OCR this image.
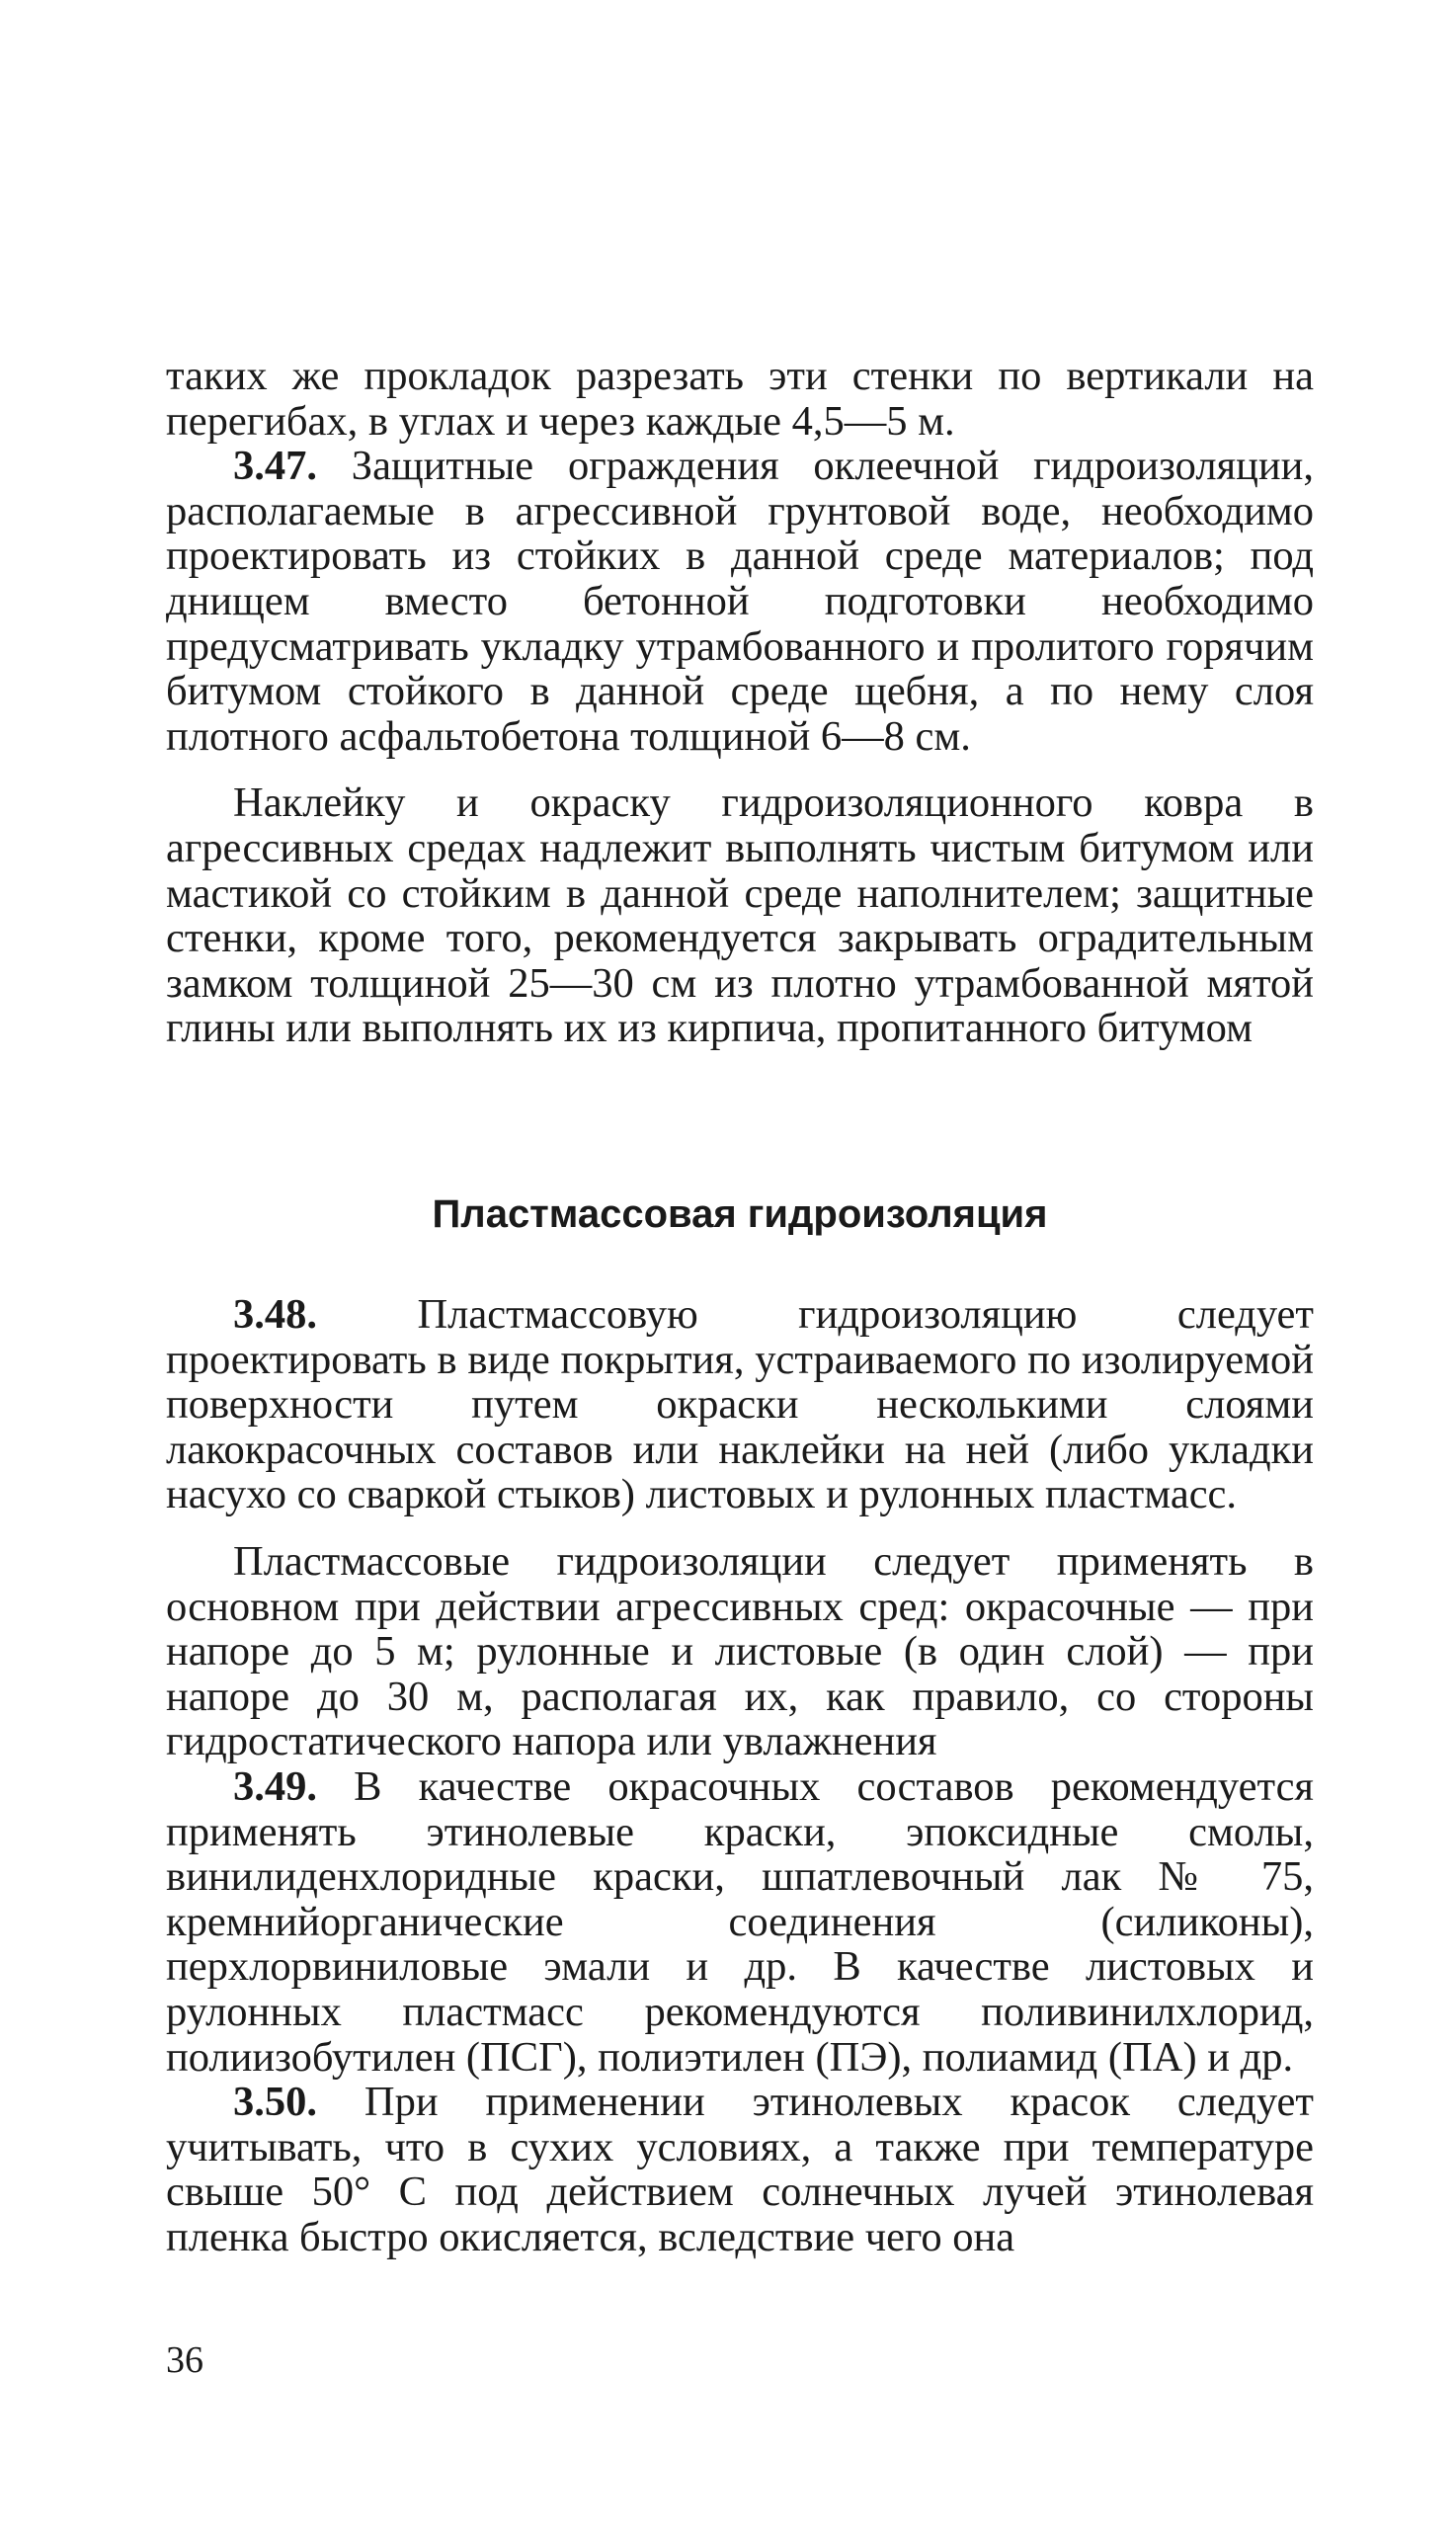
таких же прокладок разрезать эти стенки по вертикали на перегибах, в углах и через каждые 4,5—5 м.

3.47. Защитные ограждения оклеечной гидроизоляции, располагаемые в агрессивной грунтовой воде, необходимо проектировать из стойких в данной среде материалов; под днищем вместо бетонной подготовки необходимо предусматривать укладку утрамбованного и пролитого горячим битумом стойкого в данной среде щебня, а по нему слоя плотного асфальтобетона толщиной 6—8 см.

Наклейку и окраску гидроизоляционного ковра в агрессивных средах надлежит выполнять чистым битумом или мастикой со стойким в данной среде наполнителем; защитные стенки, кроме того, рекомендуется закрывать оградительным замком толщиной 25—30 см из плотно утрамбованной мятой глины или выполнять их из кирпича, пропитанного битумом

Пластмассовая гидроизоляция

3.48. Пластмассовую гидроизоляцию следует проектировать в виде покрытия, устраиваемого по изолируемой поверхности путем окраски несколькими слоями лакокрасочных составов или наклейки на ней (либо укладки насухо со сваркой стыков) листовых и рулонных пластмасс.

Пластмассовые гидроизоляции следует применять в основном при действии агрессивных сред: окрасочные — при напоре до 5 м; рулонные и листовые (в один слой) — при напоре до 30 м, располагая их, как правило, со стороны гидростатического напора или увлажнения

3.49. В качестве окрасочных составов рекомендуется применять этинолевые краски, эпоксидные смолы, винилиденхлоридные краски, шпатлевочный лак № 75, кремнийорганические соединения (силиконы), перхлорвиниловые эмали и др. В качестве листовых и рулонных пластмасс рекомендуются поливинилхлорид, полиизобутилен (ПСГ), полиэтилен (ПЭ), полиамид (ПА) и др.

3.50. При применении этинолевых красок следует учитывать, что в сухих условиях, а также при температуре свыше 50° С под действием солнечных лучей этинолевая пленка быстро окисляется, вследствие чего она

36
